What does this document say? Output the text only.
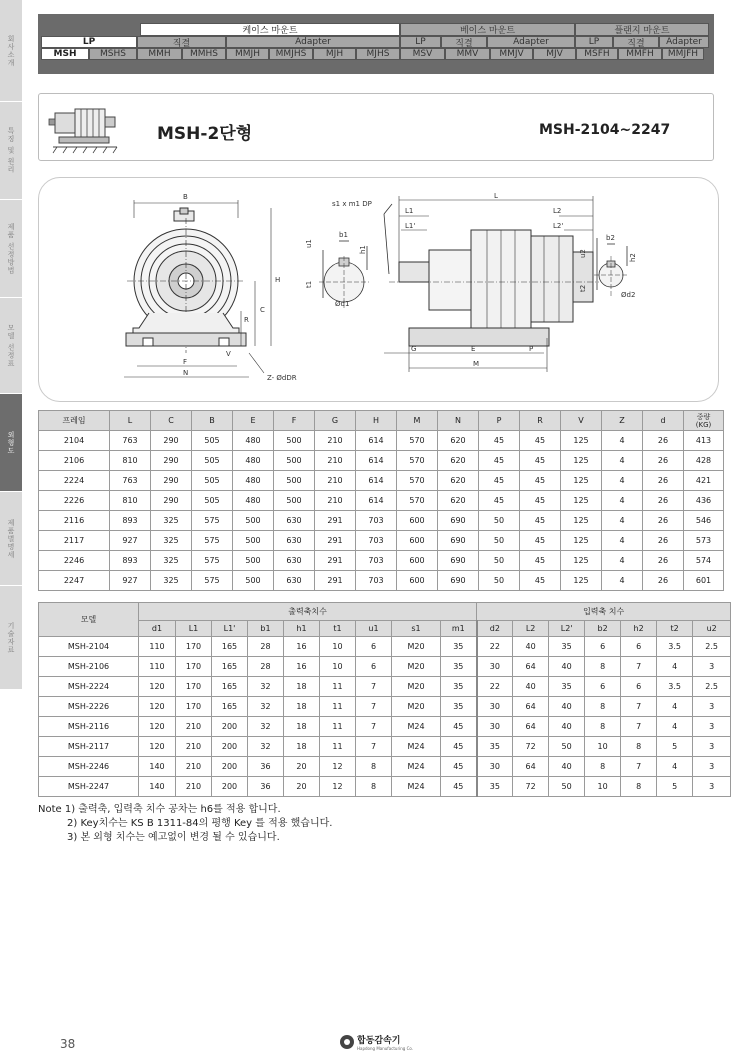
회사소개
특징 및 원리
제품 선정방법
모델 선정표
외형도
제품별명세
기술자료
케이스 마운트	베이스 마운트	플랜지 마운트
LP	직결	Adapter	LP	직결	Adapter	LP	직결	Adapter
MSH	MSHS	MMH	MMHS	MMJH	MMJHS	MJH	MJHS	MSV	MMV	MMJV	MJV	MSFH	MMFH	MMJFH
MSH-2단형	MSH-2104~2247
B
H
C
R
V
F
N
Z- ØdDR
b1
u1
h1
t1
Ød1
s1 x m1 DP
L
L1
L1'
L2
L2'
G	E	P
M
b2
u2	h2
t2
Ød2
프레임	L	C	B	E	F	G	H	M	N	P	R	V	Z	d	중량
(KG)
2104	763	290	505	480	500	210	614	570	620	45	45	125	4	26	413
2106	810	290	505	480	500	210	614	570	620	45	45	125	4	26	428
2224	763	290	505	480	500	210	614	570	620	45	45	125	4	26	421
2226	810	290	505	480	500	210	614	570	620	45	45	125	4	26	436
2116	893	325	575	500	630	291	703	600	690	50	45	125	4	26	546
2117	927	325	575	500	630	291	703	600	690	50	45	125	4	26	573
2246	893	325	575	500	630	291	703	600	690	50	45	125	4	26	574
2247	927	325	575	500	630	291	703	600	690	50	45	125	4	26	601
모델	출력축치수									입력축 치수						
	d1	L1	L1'	b1	h1	t1	u1	s1	m1	d2	L2	L2'	b2	h2	t2	u2
MSH-2104	110	170	165	28	16	10	6	M20	35	22	40	35	6	6	3.5	2.5
MSH-2106	110	170	165	28	16	10	6	M20	35	30	64	40	8	7	4	3
MSH-2224	120	170	165	32	18	11	7	M20	35	22	40	35	6	6	3.5	2.5
MSH-2226	120	170	165	32	18	11	7	M20	35	30	64	40	8	7	4	3
MSH-2116	120	210	200	32	18	11	7	M24	45	30	64	40	8	7	4	3
MSH-2117	120	210	200	32	18	11	7	M24	45	35	72	50	10	8	5	3
MSH-2246	140	210	200	36	20	12	8	M24	45	30	64	40	8	7	4	3
MSH-2247	140	210	200	36	20	12	8	M24	45	35	72	50	10	8	5	3
Note 1) 출력축, 입력축 치수 공차는 h6를 적용 합니다.
2) Key치수는 KS B 1311-84의 평행 Key 를 적용 했습니다.
3) 본 외형 치수는 예고없이 변경 될 수 있습니다.
38	합동감속기
Hapdong Manufacturing Co.
